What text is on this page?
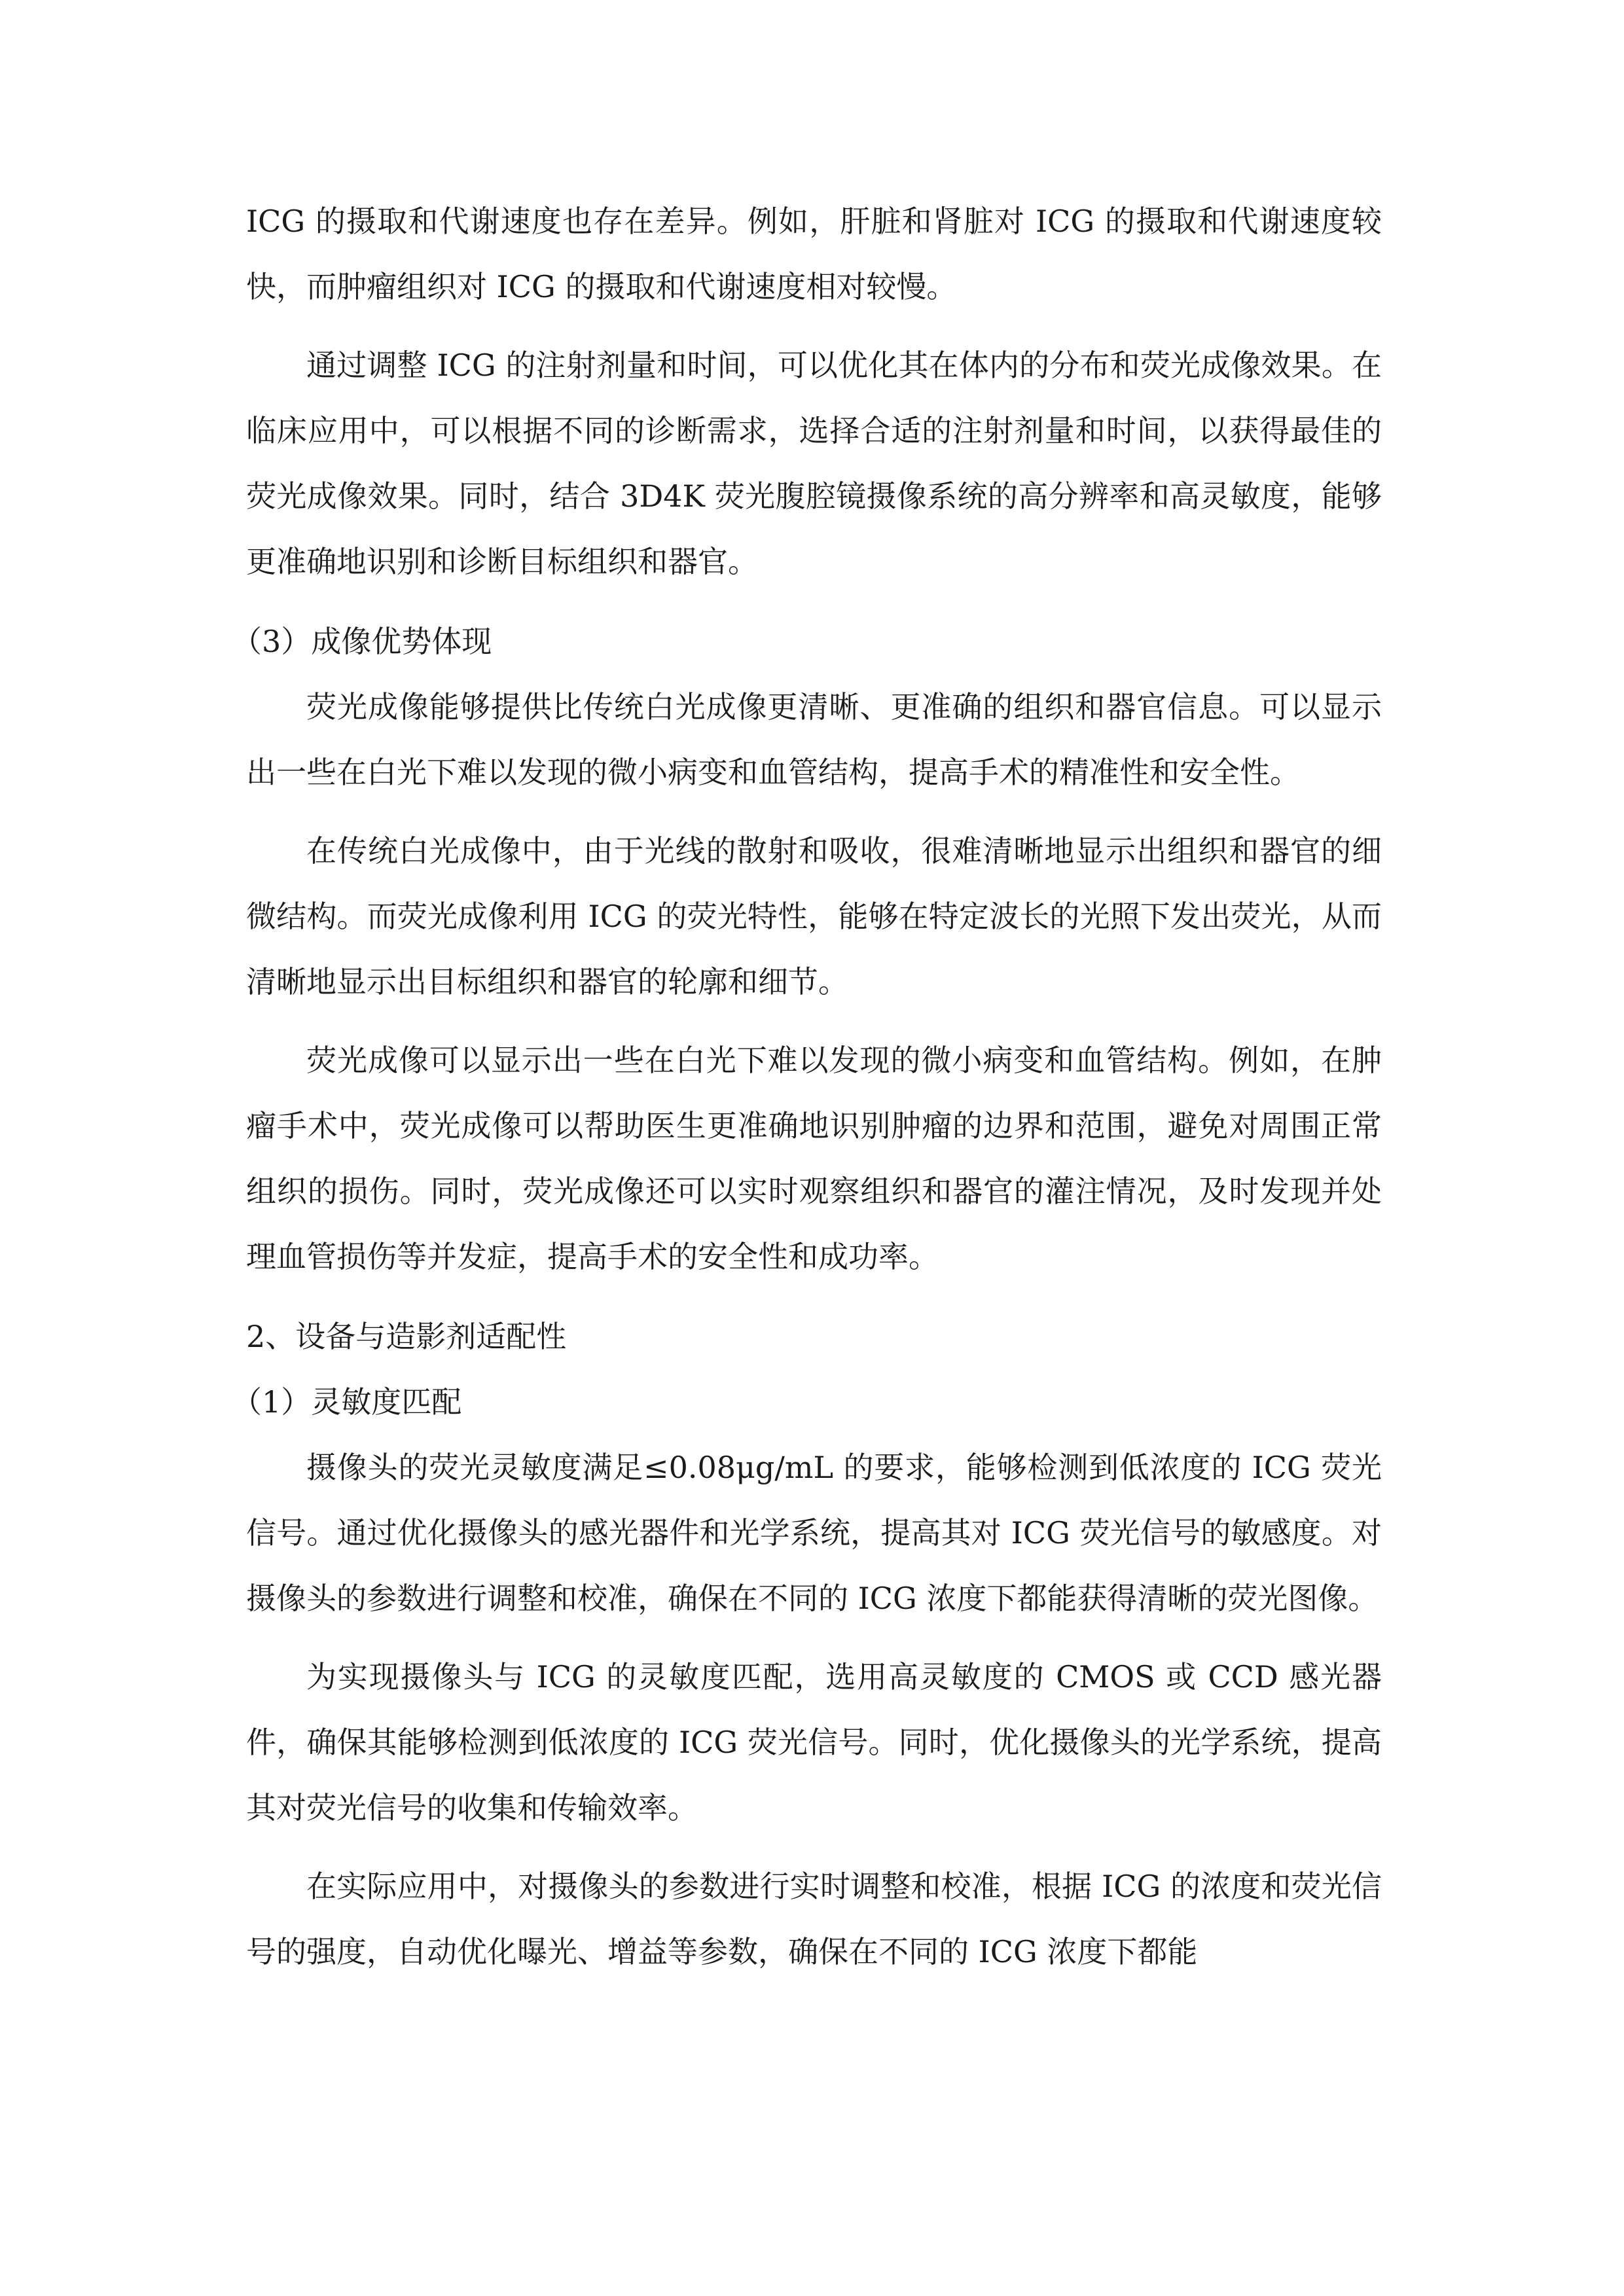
ICG 的摄取和代谢速度也存在差异。例如，肝脏和肾脏对 ICG 的摄取和代谢速度较快，而肿瘤组织对 ICG 的摄取和代谢速度相对较慢。

通过调整 ICG 的注射剂量和时间，可以优化其在体内的分布和荧光成像效果。在临床应用中，可以根据不同的诊断需求，选择合适的注射剂量和时间，以获得最佳的荧光成像效果。同时，结合 3D4K 荧光腹腔镜摄像系统的高分辨率和高灵敏度，能够更准确地识别和诊断目标组织和器官。

（3）成像优势体现

荧光成像能够提供比传统白光成像更清晰、更准确的组织和器官信息。可以显示出一些在白光下难以发现的微小病变和血管结构，提高手术的精准性和安全性。

在传统白光成像中，由于光线的散射和吸收，很难清晰地显示出组织和器官的细微结构。而荧光成像利用 ICG 的荧光特性，能够在特定波长的光照下发出荧光，从而清晰地显示出目标组织和器官的轮廓和细节。

荧光成像可以显示出一些在白光下难以发现的微小病变和血管结构。例如，在肿瘤手术中，荧光成像可以帮助医生更准确地识别肿瘤的边界和范围，避免对周围正常组织的损伤。同时，荧光成像还可以实时观察组织和器官的灌注情况，及时发现并处理血管损伤等并发症，提高手术的安全性和成功率。

2、设备与造影剂适配性

（1）灵敏度匹配

摄像头的荧光灵敏度满足≤0.08μg/mL 的要求，能够检测到低浓度的 ICG 荧光信号。通过优化摄像头的感光器件和光学系统，提高其对 ICG 荧光信号的敏感度。对摄像头的参数进行调整和校准，确保在不同的 ICG 浓度下都能获得清晰的荧光图像。

为实现摄像头与 ICG 的灵敏度匹配，选用高灵敏度的 CMOS 或 CCD 感光器件，确保其能够检测到低浓度的 ICG 荧光信号。同时，优化摄像头的光学系统，提高其对荧光信号的收集和传输效率。

在实际应用中，对摄像头的参数进行实时调整和校准，根据 ICG 的浓度和荧光信号的强度，自动优化曝光、增益等参数，确保在不同的 ICG 浓度下都能
